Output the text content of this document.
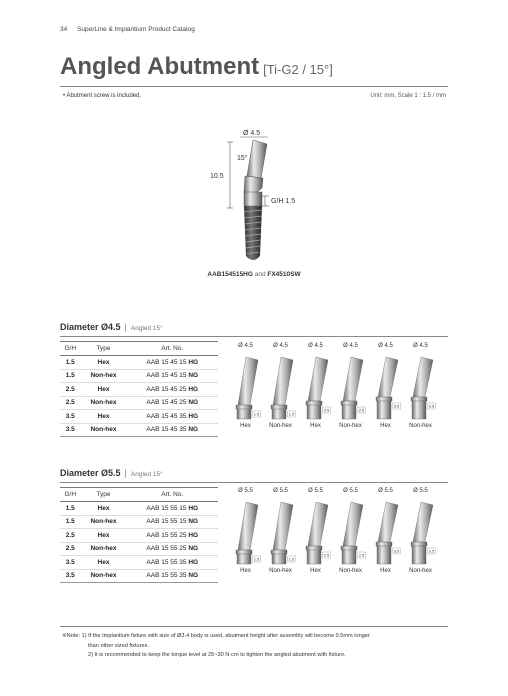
34 SuperLine & Implantium Product Catalog
Angled Abutment [Ti-G2 / 15°]
• Abutment screw is included.	Unit: mm, Scale 1 : 1.5 / mm
Ø 4.5
15°
10.5
G/H 1.5
AAB154515HG and FX4510SW
Diameter Ø4.5 | Angled 15°
G/H	Type	Art. No.
1.5	Hex	AAB 15 45 15 HG
1.5	Non-hex	AAB 15 45 15 NG
2.5	Hex	AAB 15 45 25 HG
2.5	Non-hex	AAB 15 45 25 NG
3.5	Hex	AAB 15 45 35 HG
3.5	Non-hex	AAB 15 45 35 NG
Ø 4.5	Ø 4.5	Ø 4.5	Ø 4.5	Ø 4.5	Ø 4.5
1.5	1.5
2.5	2.5
3.5	3.5
Hex	Non-hex	Hex	Non-hex	Hex	Non-hex
Diameter Ø5.5 | Angled 15°
G/H	Type	Art. No.
1.5	Hex	AAB 15 55 15 HG
1.5	Non-hex	AAB 15 55 15 NG
2.5	Hex	AAB 15 55 25 HG
2.5	Non-hex	AAB 15 55 25 NG
3.5	Hex	AAB 15 55 35 HG
3.5	Non-hex	AAB 15 55 35 NG
Ø 5.5	Ø 5.5	Ø 5.5	Ø 5.5	Ø 5.5	Ø 5.5
1.5	1.5
2.5	2.5
3.5	3.5
Hex	Non-hex	Hex	Non-hex	Hex	Non-hex
※Note: 1) If the Implantium fixture with size of Ø3.4 body is used, abutment height after assembly will become 0.5mm longer
than other sized fixtures.
2) It is recommended to keep the torque level at 25~30 N·cm to tighten the angled abutment with fixture.
